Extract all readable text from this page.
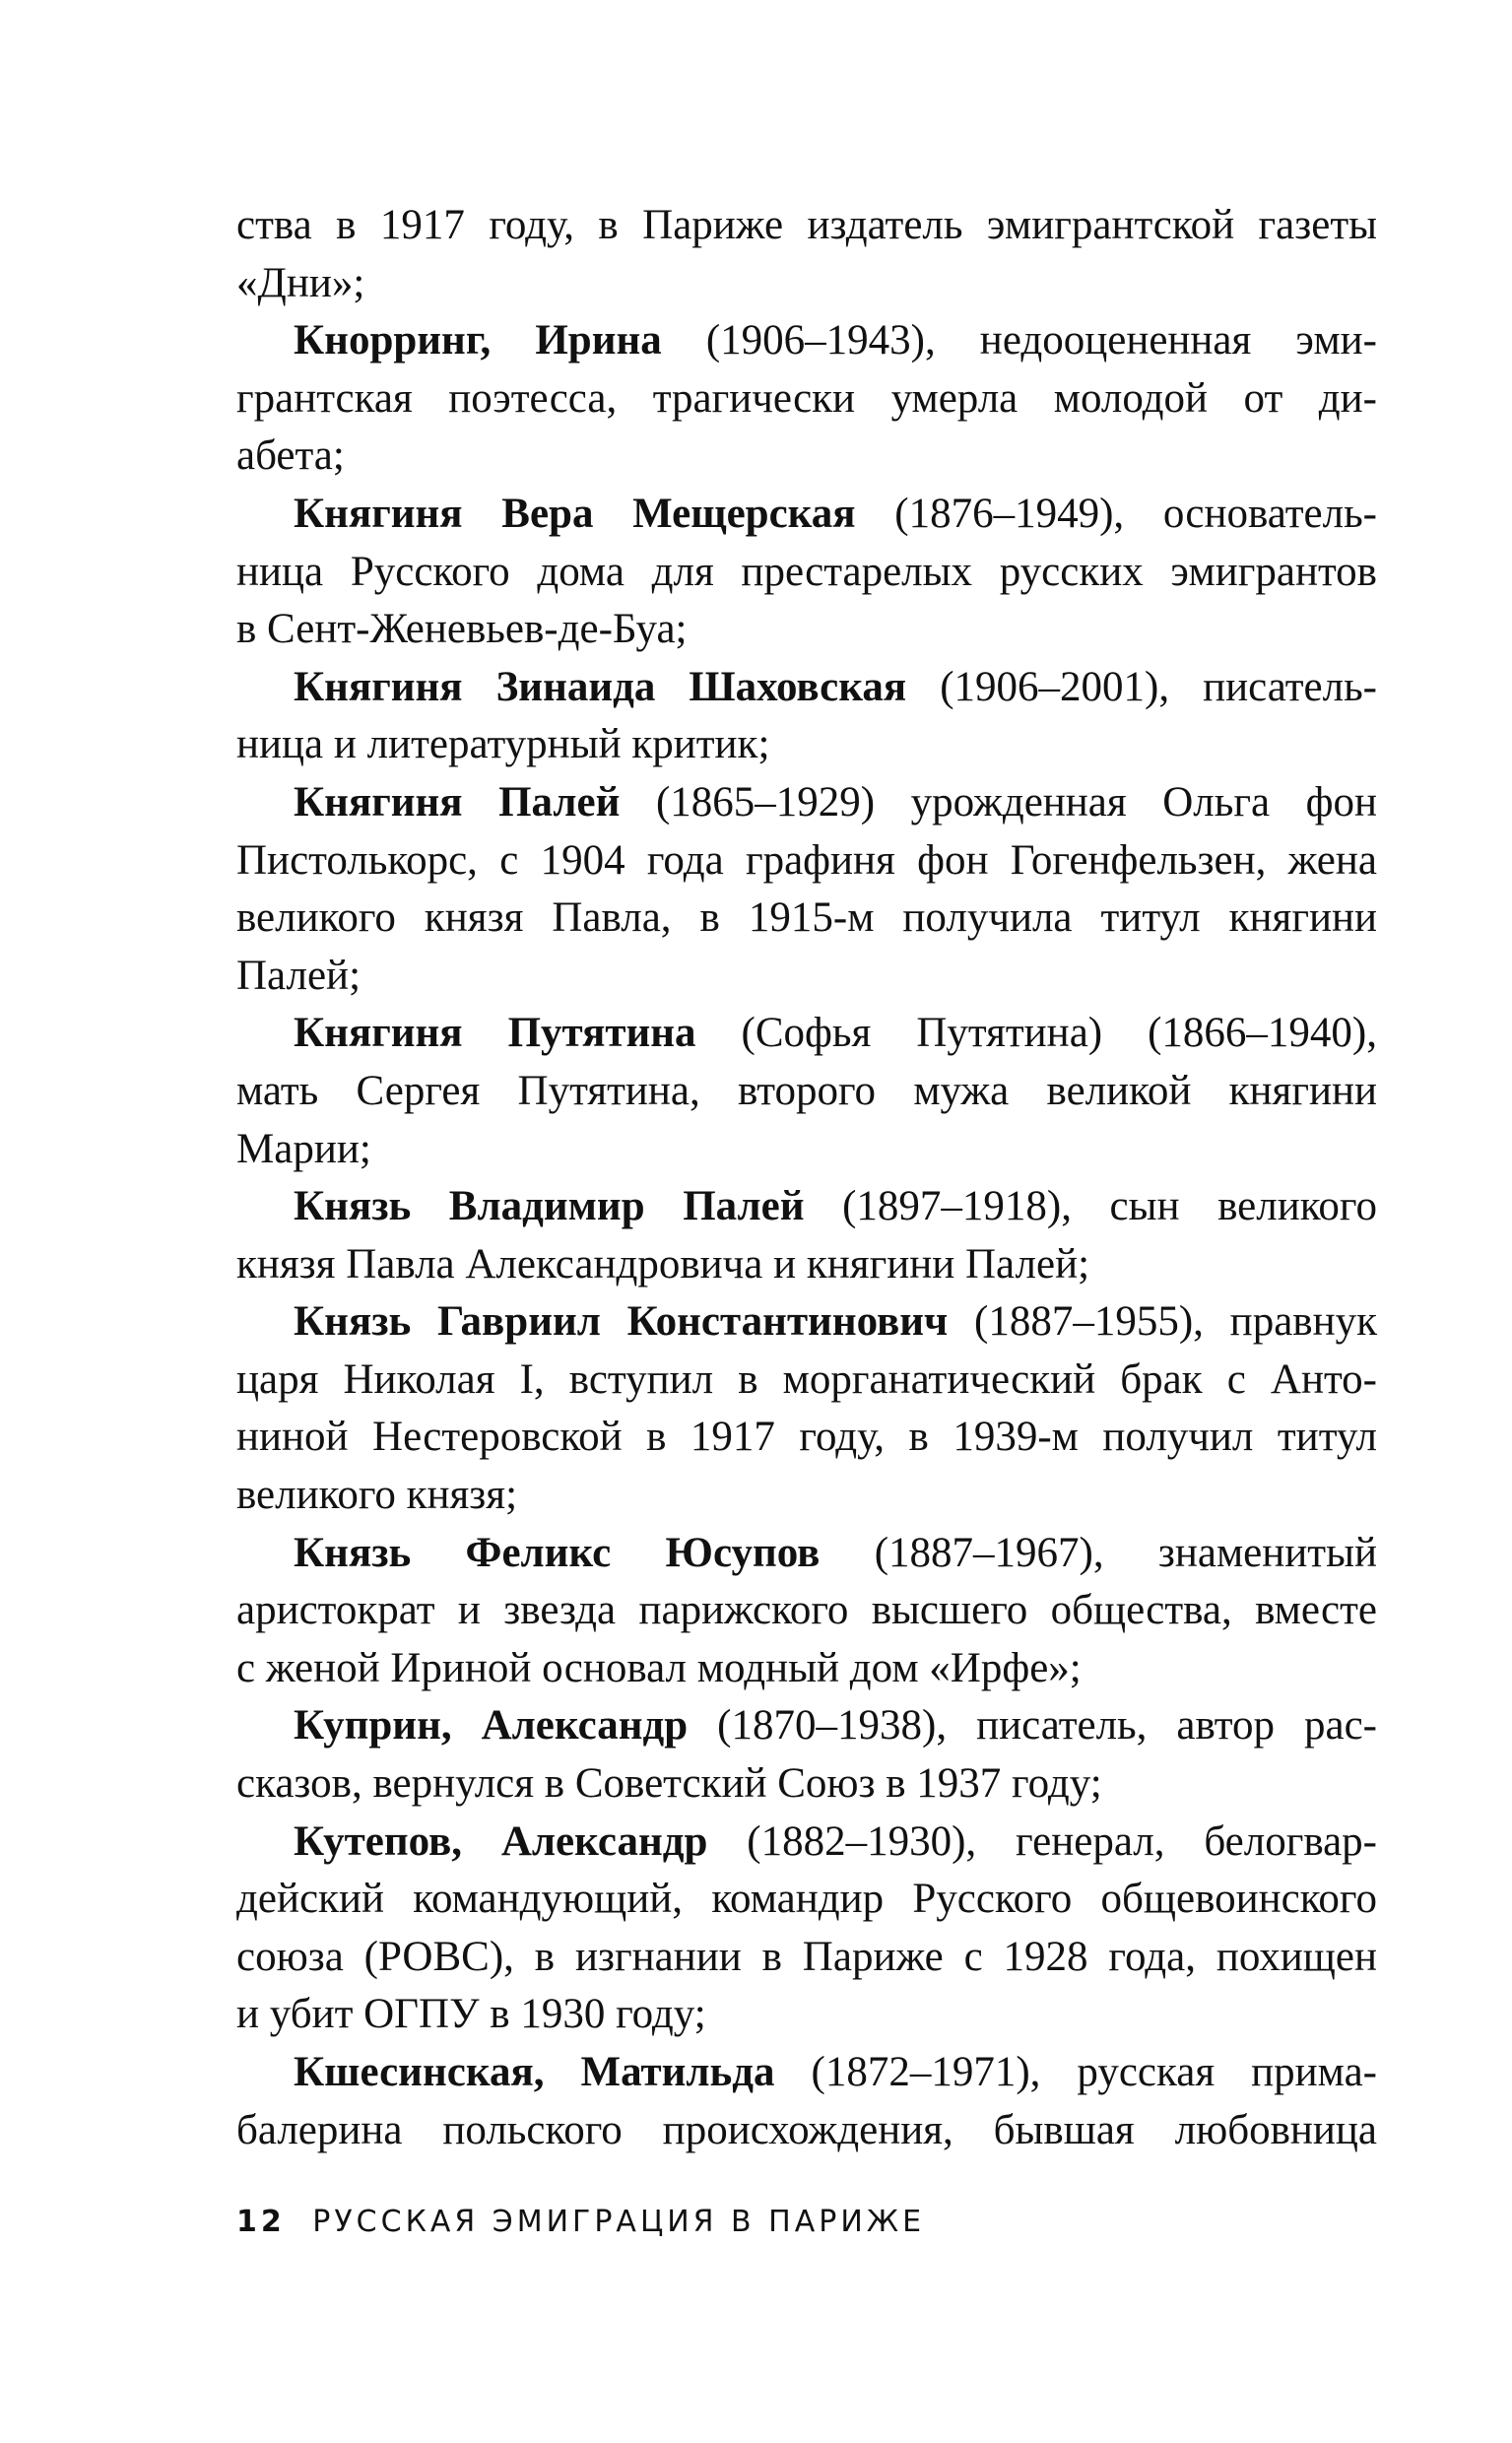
ства в 1917 году, в Париже издатель эмигрантской газеты
«Дни»;
Кнорринг, Ирина (1906–1943), недооцененная эми-
грантская поэтесса, трагически умерла молодой от ди-
абета;
Княгиня Вера Мещерская (1876–1949), основатель-
ница Русского дома для престарелых русских эмигрантов
в Сент-Женевьев-де-Буа;
Княгиня Зинаида Шаховская (1906–2001), писатель-
ница и литературный критик;
Княгиня Палей (1865–1929) урожденная Ольга фон
Пистолькорс, с 1904 года графиня фон Гогенфельзен, жена
великого князя Павла, в 1915-м получила титул княгини
Палей;
Княгиня Путятина (Софья Путятина) (1866–1940),
мать Сергея Путятина, второго мужа великой княгини
Марии;
Князь Владимир Палей (1897–1918), сын великого
князя Павла Александровича и княгини Палей;
Князь Гавриил Константинович (1887–1955), правнук
царя Николая I, вступил в морганатический брак с Анто-
ниной Нестеровской в 1917 году, в 1939-м получил титул
великого князя;
Князь Феликс Юсупов (1887–1967), знаменитый
аристократ и звезда парижского высшего общества, вместе
с женой Ириной основал модный дом «Ирфе»;
Куприн, Александр (1870–1938), писатель, автор рас-
сказов, вернулся в Советский Союз в 1937 году;
Кутепов, Александр (1882–1930), генерал, белогвар-
дейский командующий, командир Русского общевоинского
союза (РОВС), в изгнании в Париже с 1928 года, похищен
и убит ОГПУ в 1930 году;
Кшесинская, Матильда (1872–1971), русская прима-
балерина польского происхождения, бывшая любовница
12 РУССКАЯ ЭМИГРАЦИЯ В ПАРИЖЕ
